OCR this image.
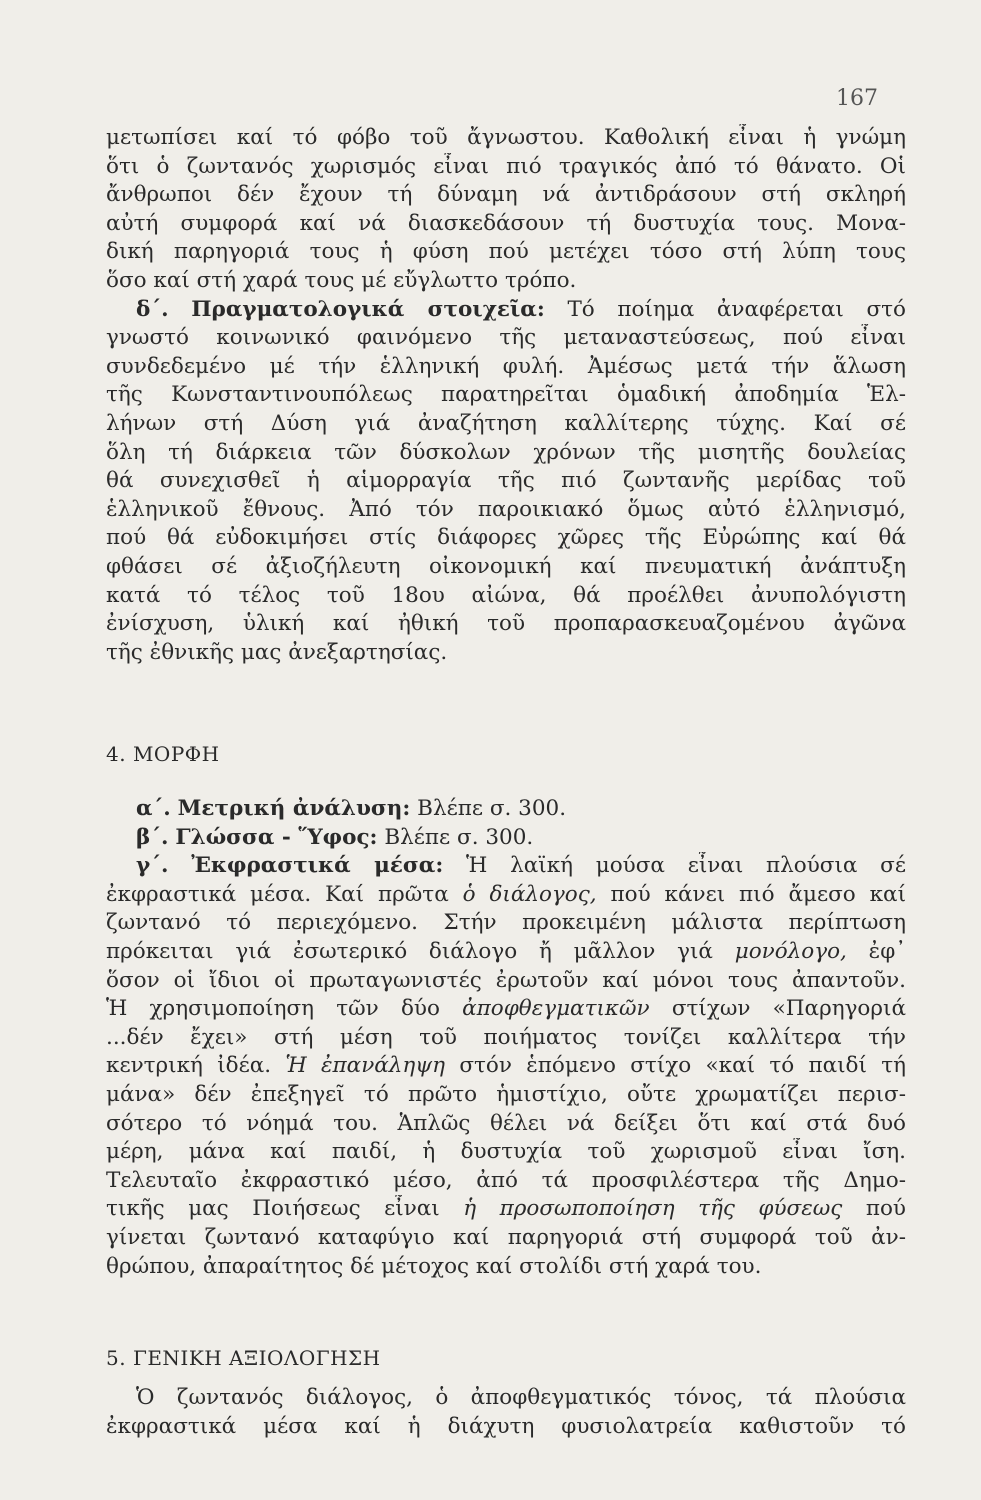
167
μετωπίσει καί τό φόβο τοῦ ἄγνωστου. Καθολική εἶναι ἡ γνώμη
ὅτι ὁ ζωντανός χωρισμός εἶναι πιό τραγικός ἀπό τό θάνατο. Οἱ
ἄνθρωποι δέν ἔχουν τή δύναμη νά ἀντιδράσουν στή σκληρή
αὐτή συμφορά καί νά διασκεδάσουν τή δυστυχία τους. Μονα-
δική παρηγοριά τους ἡ φύση πού μετέχει τόσο στή λύπη τους
ὅσο καί στή χαρά τους μέ εὔγλωττο τρόπο.
δ΄. Πραγματολογικά στοιχεῖα: Τό ποίημα ἀναφέρεται στό
γνωστό κοινωνικό φαινόμενο τῆς μεταναστεύσεως, πού εἶναι
συνδεδεμένο μέ τήν ἑλληνική φυλή. Ἀμέσως μετά τήν ἅλωση
τῆς Κωνσταντινουπόλεως παρατηρεῖται ὁμαδική ἀποδημία Ἑλ-
λήνων στή Δύση γιά ἀναζήτηση καλλίτερης τύχης. Καί σέ
ὅλη τή διάρκεια τῶν δύσκολων χρόνων τῆς μισητῆς δουλείας
θά συνεχισθεῖ ἡ αἱμορραγία τῆς πιό ζωντανῆς μερίδας τοῦ
ἑλληνικοῦ ἔθνους. Ἀπό τόν παροικιακό ὅμως αὐτό ἑλληνισμό,
πού θά εὐδοκιμήσει στίς διάφορες χῶρες τῆς Εὐρώπης καί θά
φθάσει σέ ἀξιοζήλευτη οἰκονομική καί πνευματική ἀνάπτυξη
κατά τό τέλος τοῦ 18ου αἰώνα, θά προέλθει ἀνυπολόγιστη
ἐνίσχυση, ὑλική καί ἠθική τοῦ προπαρασκευαζομένου ἀγῶνα
τῆς ἐθνικῆς μας ἀνεξαρτησίας.
4. ΜΟΡΦΗ
α΄. Μετρική ἀνάλυση: Βλέπε σ. 300.
β΄. Γλώσσα - Ὕφος: Βλέπε σ. 300.
γ΄. Ἐκφραστικά μέσα: Ἡ λαϊκή μούσα εἶναι πλούσια σέ
ἐκφραστικά μέσα. Καί πρῶτα ὁ διάλογος, πού κάνει πιό ἄμεσο καί
ζωντανό τό περιεχόμενο. Στήν προκειμένη μάλιστα περίπτωση
πρόκειται γιά ἐσωτερικό διάλογο ἤ μᾶλλον γιά μονόλογο, ἐφ᾽
ὅσον οἱ ἴδιοι οἱ πρωταγωνιστές ἐρωτοῦν καί μόνοι τους ἀπαντοῦν.
Ἡ χρησιμοποίηση τῶν δύο ἀποφθεγματικῶν στίχων «Παρηγοριά
...δέν ἔχει» στή μέση τοῦ ποιήματος τονίζει καλλίτερα τήν
κεντρική ἰδέα. Ἡ ἐπανάληψη στόν ἑπόμενο στίχο «καί τό παιδί τή
μάνα» δέν ἐπεξηγεῖ τό πρῶτο ἡμιστίχιο, οὔτε χρωματίζει περισ-
σότερο τό νόημά του. Ἁπλῶς θέλει νά δείξει ὅτι καί στά δυό
μέρη, μάνα καί παιδί, ἡ δυστυχία τοῦ χωρισμοῦ εἶναι ἴση.
Τελευταῖο ἐκφραστικό μέσο, ἀπό τά προσφιλέστερα τῆς Δημο-
τικῆς μας Ποιήσεως εἶναι ἡ προσωποποίηση τῆς φύσεως πού
γίνεται ζωντανό καταφύγιο καί παρηγοριά στή συμφορά τοῦ ἀν-
θρώπου, ἀπαραίτητος δέ μέτοχος καί στολίδι στή χαρά του.
5. ΓΕΝΙΚΗ ΑΞΙΟΛΟΓΗΣΗ
Ὁ ζωντανός διάλογος, ὁ ἀποφθεγματικός τόνος, τά πλούσια
ἐκφραστικά μέσα καί ἡ διάχυτη φυσιολατρεία καθιστοῦν τό
